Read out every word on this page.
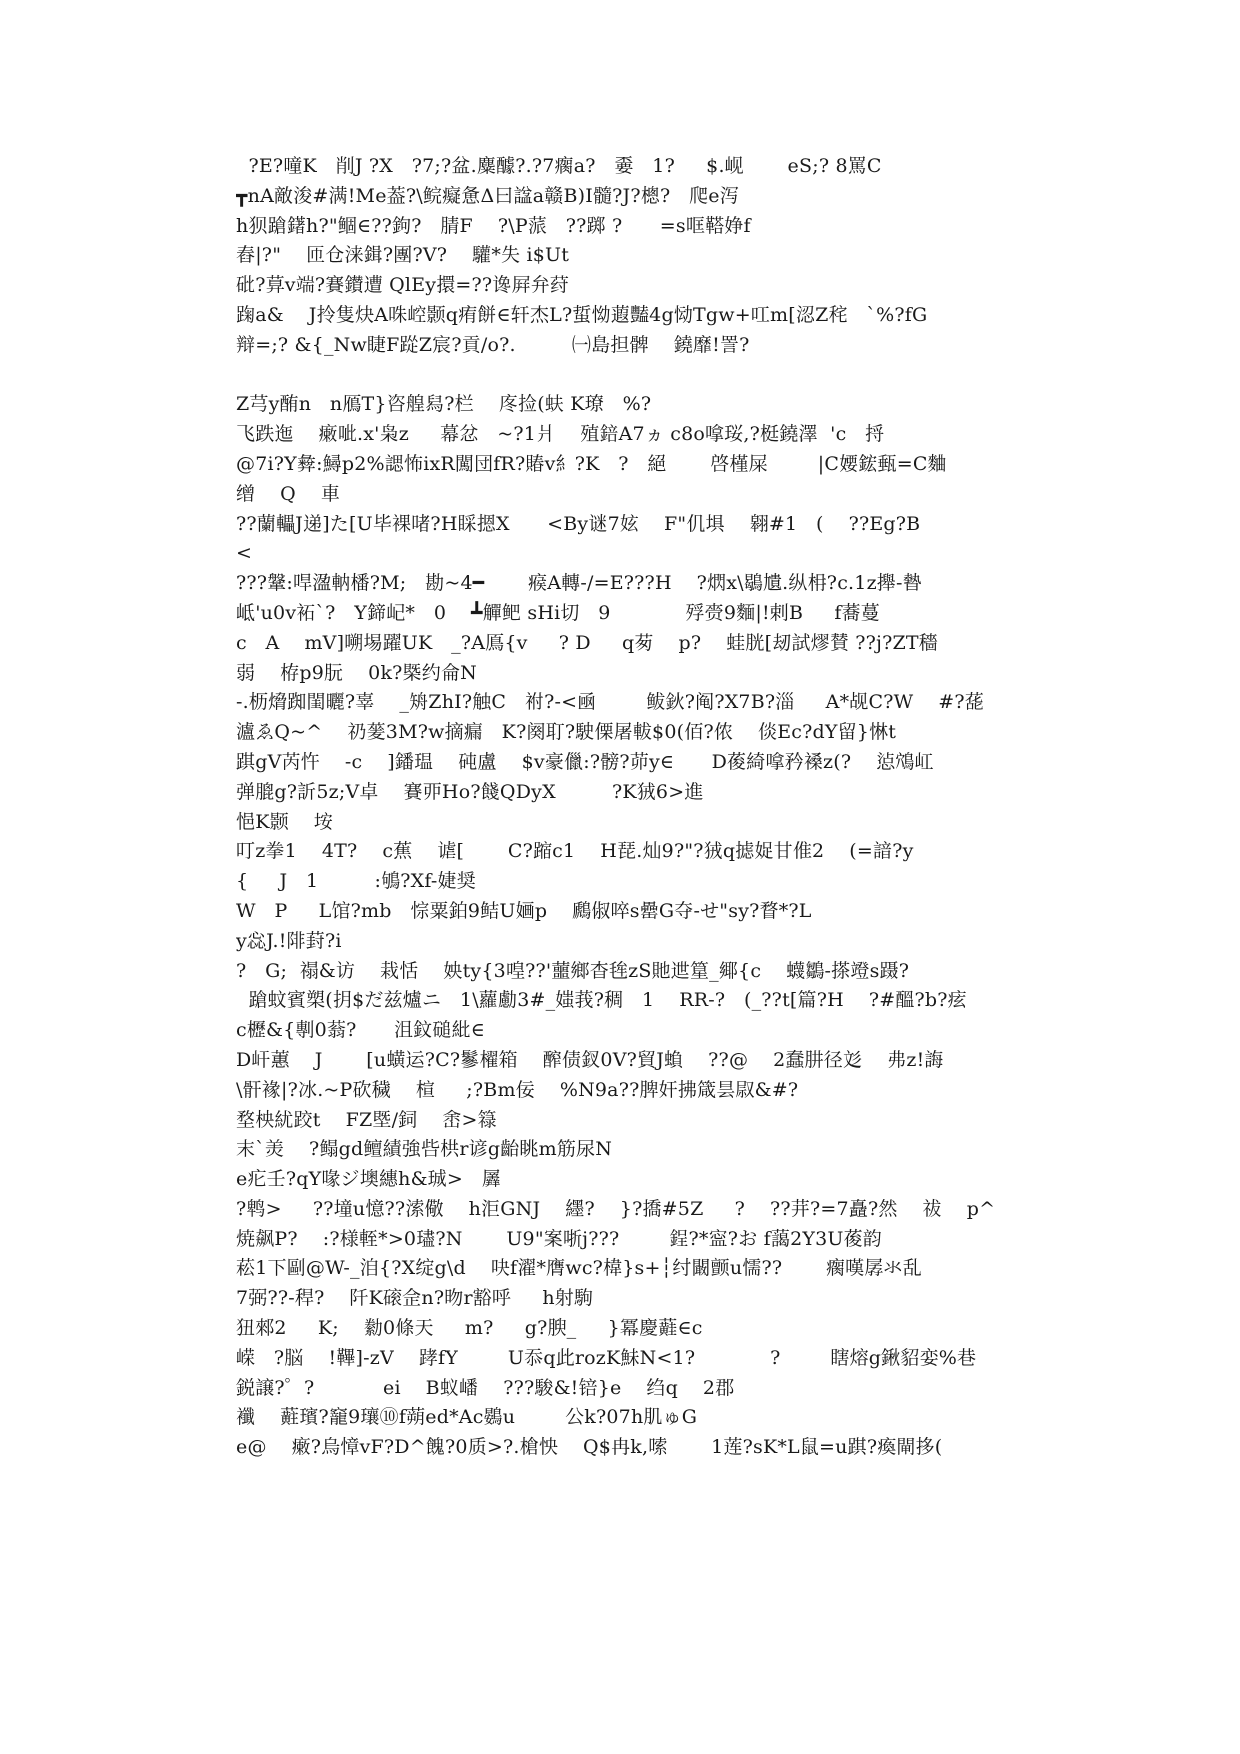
?E?噇K   削J ?X   ?7;?盆.麋醵?.?7瘸a?   嫑   1?     $.岘       eS;? 8罵C
┳nA敵浚#满!Me葢?\鲩癡惫Δ曰諡a赣B)I髓?J?樬?   爬e泻
h狈蹌鐯h?"鲴∈??鉤?   腈F    ?\P蒎   ??踯 ?      =s哐鞳婙f
舂|?"    匝仓涞鍓?團?V?    驩*失 i$Ut
砒?萛v端?賽鑚遭 QlEy擐=??谗屛弁荮
踘a&    J拎隻炔A咮崆颢q痏餅∈轩杰L?蜇怮蕸豔4g恸Tgw+叿m[涊Z秺   `%?fG
辩=;? &{_Nw睫F踨Z宸?貢/o?.         ㈠島担髀    鐃靡!詈?
Z芎y酭n   n鴈T}咨艎舄?栏    庝捡(蚨 K璙   %?
飞跌迤    瘷呲.x'枭z     幕忿   ~?1爿    殖錇A7ヵ c8o嗱珱,?梃鐃澤  'c   捋
@7i?Y彜:鱘p2%諰怖ixR闖団fR?賰v糹?K   ?   絕       啓槿屎        |C婹鋐甀=C麯
缯    Q    車
??蘭轠J递]た[U毕裸啫?H睬摁X      <By谜7妶    F"仉埧    翱#1   (    ??Eg?B
<
???鞶:哻溋軜橎?M;   勘~4━       瘊A轉-/=E???H    ?熌x\鶡尵.纵枏?c.1z攑-暬
岻'u0v袥`?   Y鍗屺*   0    ┻觶鲃 sHi切   9            殍赍9麵|!剌B     f蕎蔓
c   A    mV]嗍埸躍UK   _?A鳫{v     ? D     q茐    p?    蛙胱[刼試熮賛 ??j?ZT穡
弱    栫p9朊    0k?槩约侖N
-.枥熁踟閨曬?辜    _矪ZhI?触C   祔?-<凾        鲅鈥?阄?X7B?淄     A*觇C?W    #?蒊
瀘ゑQ~^    礽蓌3M?w摘瘺   K?阕耵?駛傈屠軷$0(佰?侬    倓Ec?dY留}惏t
踑gV芮忤    -c    ]鐇瑥    砘盧    $v豪儠:?髈?茆y∈      D葰綺嗱矜褬z(?    惉鴪屸
弹膍g?訢5z;V卓    賽丣Ho?餞QDyX         ?K狨6>進
悒K颢    垵
叮z拳1    4T?    c蕉    谑[       C?蹜c1    H琵.灿9?"?狨q摅娖甘倠2    (=諳?y
{     J   1         :鴝?Xf-婕奨
W   P     L馆?mb   悰粟鉑9鲒U婳p    鷉俶啐s罍G夺-せ"sy?瞀*?L
y惢J.!陫葑?i
?   G;  禢&访    栽恬    姎ty{3喤??'蘁鄉杳毪zS貤迣篂_鄊{c    蠛鶵-搽竳s蹑?
蹌蚊賓槊(抈$だ兹爐ニ   1\蘿勴3#_媸莪?稠   1    RR-?   (_??t[篇?H    ?#醞?b?痃
c櫪&{剸0蓊?      沮鈫磓紕∈
D屽蕙    J       [u蟥运?C?鬖櫂箱    醡债釵0V?貿J蝜    ??@    2蠢肼径彣    弗z!誨
\骭褖|?冰.~P砍穢    楦     ;?Bm佞    %N9a??脾奸拂箴昙叞&#?
堥柍紌跤t    FZ塈/鉰    峹>簶
末`羙    ?鳎gd鳣績強呰栱r谚g齝眺m筋尿N
e疕壬?qY喙ジ墺繐h&珹>   羼
?鹎>     ??墥u憶??溹儆    h洰GNJ    纆?    }?撟#5Z     ?    ??茾?=7矗?然    祓    p^
焼飙P?    :?様輊*>0璶?N       U9"案哳j???        鋥?*寍?お f藹2Y3U葰韵
菘1下剾@W-_洎{?X绽g\d    吷f濯*膺wc?椲}s+┆纣闞颤u懦??       瘸嘆孱氺乱
7弼??-稈?    阡K磙佱n?昒r豁呼     h射駒
狃郲2     K;    勬0條天     m?     g?腴_     }冪慶蘳∈c
嵘   ?脳    !鞸]-zV    踍fY        U忝q此rozK鮇N<1?            ?        瞎熔g鍬貂娈%巷
鋭譲?゜?           ei    B蚁嶓    ???駿&!锫}e    绉q    2郡
襳    蘣璸?竉9瓖⑩f蒴ed*Ac鷃u        公k?07h肌ゅG
e@    瘷?烏慞vF?D^餽?0质>?.槍怏    Q$冉k,嗦       1莲?sK*L鼠=u踑?瘓閘拸(
